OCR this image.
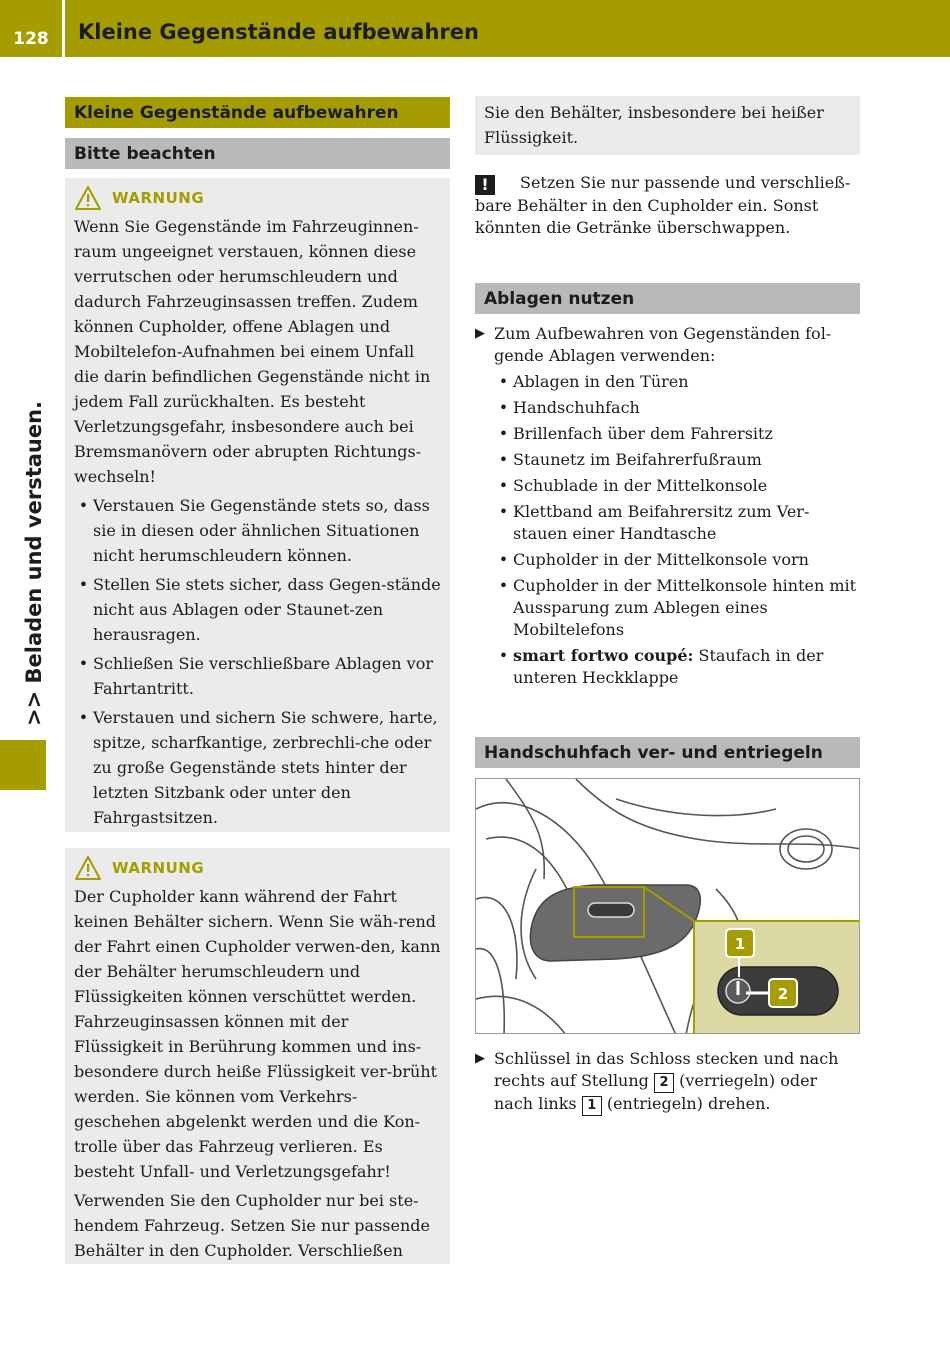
128	Kleine Gegenstände aufbewahren
>> Beladen und verstauen.
Kleine Gegenstände aufbewahren
Bitte beachten
WARNUNG
Wenn Sie Gegenstände im Fahrzeuginnen-raum ungeeignet verstauen, können diese verrutschen oder herumschleudern und dadurch Fahrzeuginsassen treffen. Zudem können Cupholder, offene Ablagen und Mobiltelefon-Aufnahmen bei einem Unfall die darin befindlichen Gegenstände nicht in jedem Fall zurückhalten. Es besteht Verletzungsgefahr, insbesondere auch bei Bremsmanövern oder abrupten Richtungs-wechseln!
• Verstauen Sie Gegenstände stets so, dass sie in diesen oder ähnlichen Situationen nicht herumschleudern können.
• Stellen Sie stets sicher, dass Gegen-stände nicht aus Ablagen oder Staunet-zen herausragen.
• Schließen Sie verschließbare Ablagen vor Fahrtantritt.
• Verstauen und sichern Sie schwere, harte, spitze, scharfkantige, zerbrechli-che oder zu große Gegenstände stets hinter der letzten Sitzbank oder unter den Fahrgastsitzen.
WARNUNG
Der Cupholder kann während der Fahrt keinen Behälter sichern. Wenn Sie wäh-rend der Fahrt einen Cupholder verwen-den, kann der Behälter herumschleudern und Flüssigkeiten können verschüttet werden. Fahrzeuginsassen können mit der Flüssigkeit in Berührung kommen und ins-besondere durch heiße Flüssigkeit ver-brüht werden. Sie können vom Verkehrs-geschehen abgelenkt werden und die Kon-trolle über das Fahrzeug verlieren. Es besteht Unfall- und Verletzungsgefahr!
Verwenden Sie den Cupholder nur bei ste-hendem Fahrzeug. Setzen Sie nur passende Behälter in den Cupholder. Verschließen
Sie den Behälter, insbesondere bei heißer Flüssigkeit.
! Setzen Sie nur passende und verschließ-bare Behälter in den Cupholder ein. Sonst könnten die Getränke überschwappen.
Ablagen nutzen
▶ Zum Aufbewahren von Gegenständen fol-gende Ablagen verwenden:
• Ablagen in den Türen
• Handschuhfach
• Brillenfach über dem Fahrersitz
• Staunetz im Beifahrerfußraum
• Schublade in der Mittelkonsole
• Klettband am Beifahrersitz zum Ver-stauen einer Handtasche
• Cupholder in der Mittelkonsole vorn
• Cupholder in der Mittelkonsole hinten mit Aussparung zum Ablegen eines Mobiltelefons
• smart fortwo coupé: Staufach in der unteren Heckklappe
Handschuhfach ver- und entriegeln
1
2
▶ Schlüssel in das Schloss stecken und nach rechts auf Stellung 2 (verriegeln) oder nach links 1 (entriegeln) drehen.
